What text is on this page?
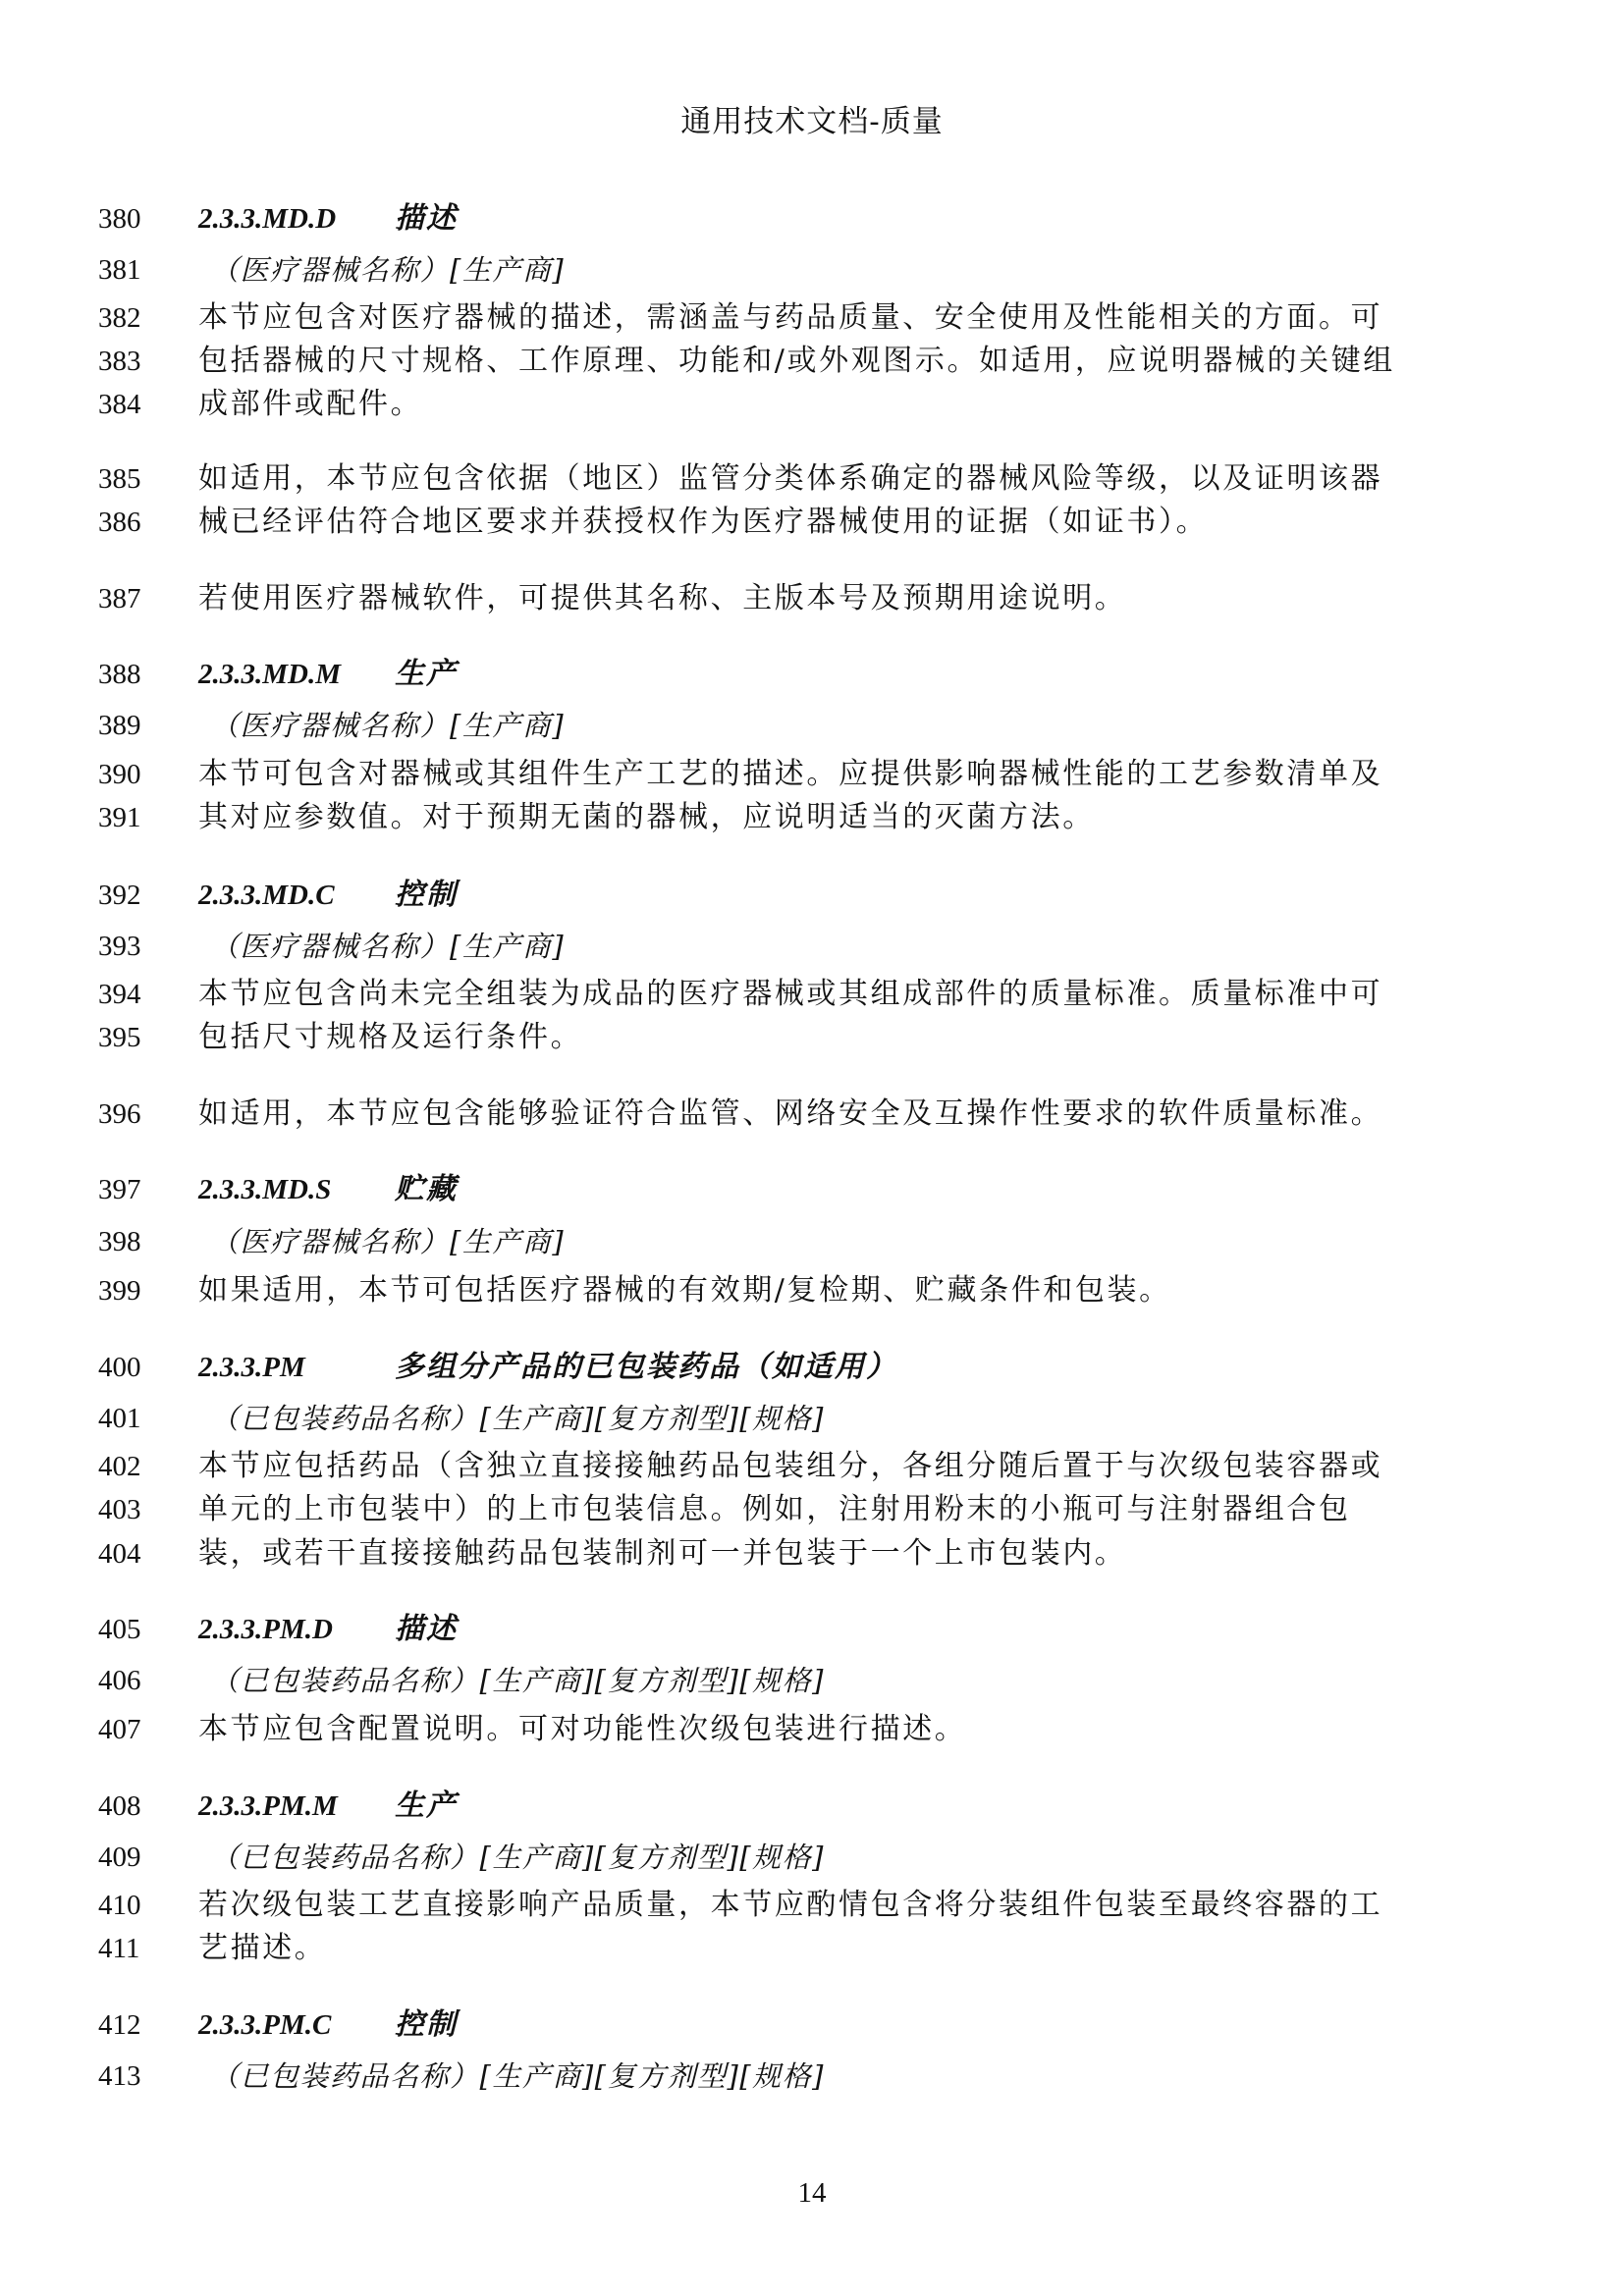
通用技术文档-质量
380	2.3.3.MD.D 描述
381	（医疗器械名称）[生产商]
382	本节应包含对医疗器械的描述，需涵盖与药品质量、安全使用及性能相关的方面。可
383	包括器械的尺寸规格、工作原理、功能和/或外观图示。如适用，应说明器械的关键组
384	成部件或配件。
385	如适用，本节应包含依据（地区）监管分类体系确定的器械风险等级，以及证明该器
386	械已经评估符合地区要求并获授权作为医疗器械使用的证据（如证书）。
387	若使用医疗器械软件，可提供其名称、主版本号及预期用途说明。
388	2.3.3.MD.M 生产
389	（医疗器械名称）[生产商]
390	本节可包含对器械或其组件生产工艺的描述。应提供影响器械性能的工艺参数清单及
391	其对应参数值。对于预期无菌的器械，应说明适当的灭菌方法。
392	2.3.3.MD.C 控制
393	（医疗器械名称）[生产商]
394	本节应包含尚未完全组装为成品的医疗器械或其组成部件的质量标准。质量标准中可
395	包括尺寸规格及运行条件。
396	如适用，本节应包含能够验证符合监管、网络安全及互操作性要求的软件质量标准。
397	2.3.3.MD.S 贮藏
398	（医疗器械名称）[生产商]
399	如果适用，本节可包括医疗器械的有效期/复检期、贮藏条件和包装。
400	2.3.3.PM	多组分产品的已包装药品（如适用）
401	（已包装药品名称）[生产商][复方剂型][规格]
402	本节应包括药品（含独立直接接触药品包装组分，各组分随后置于与次级包装容器或
403	单元的上市包装中）的上市包装信息。例如，注射用粉末的小瓶可与注射器组合包
404	装，或若干直接接触药品包装制剂可一并包装于一个上市包装内。
405	2.3.3.PM.D 描述
406	（已包装药品名称）[生产商][复方剂型][规格]
407	本节应包含配置说明。可对功能性次级包装进行描述。
408	2.3.3.PM.M 生产
409	（已包装药品名称）[生产商][复方剂型][规格]
410	若次级包装工艺直接影响产品质量，本节应酌情包含将分装组件包装至最终容器的工
411	艺描述。
412	2.3.3.PM.C 控制
413	（已包装药品名称）[生产商][复方剂型][规格]
14
